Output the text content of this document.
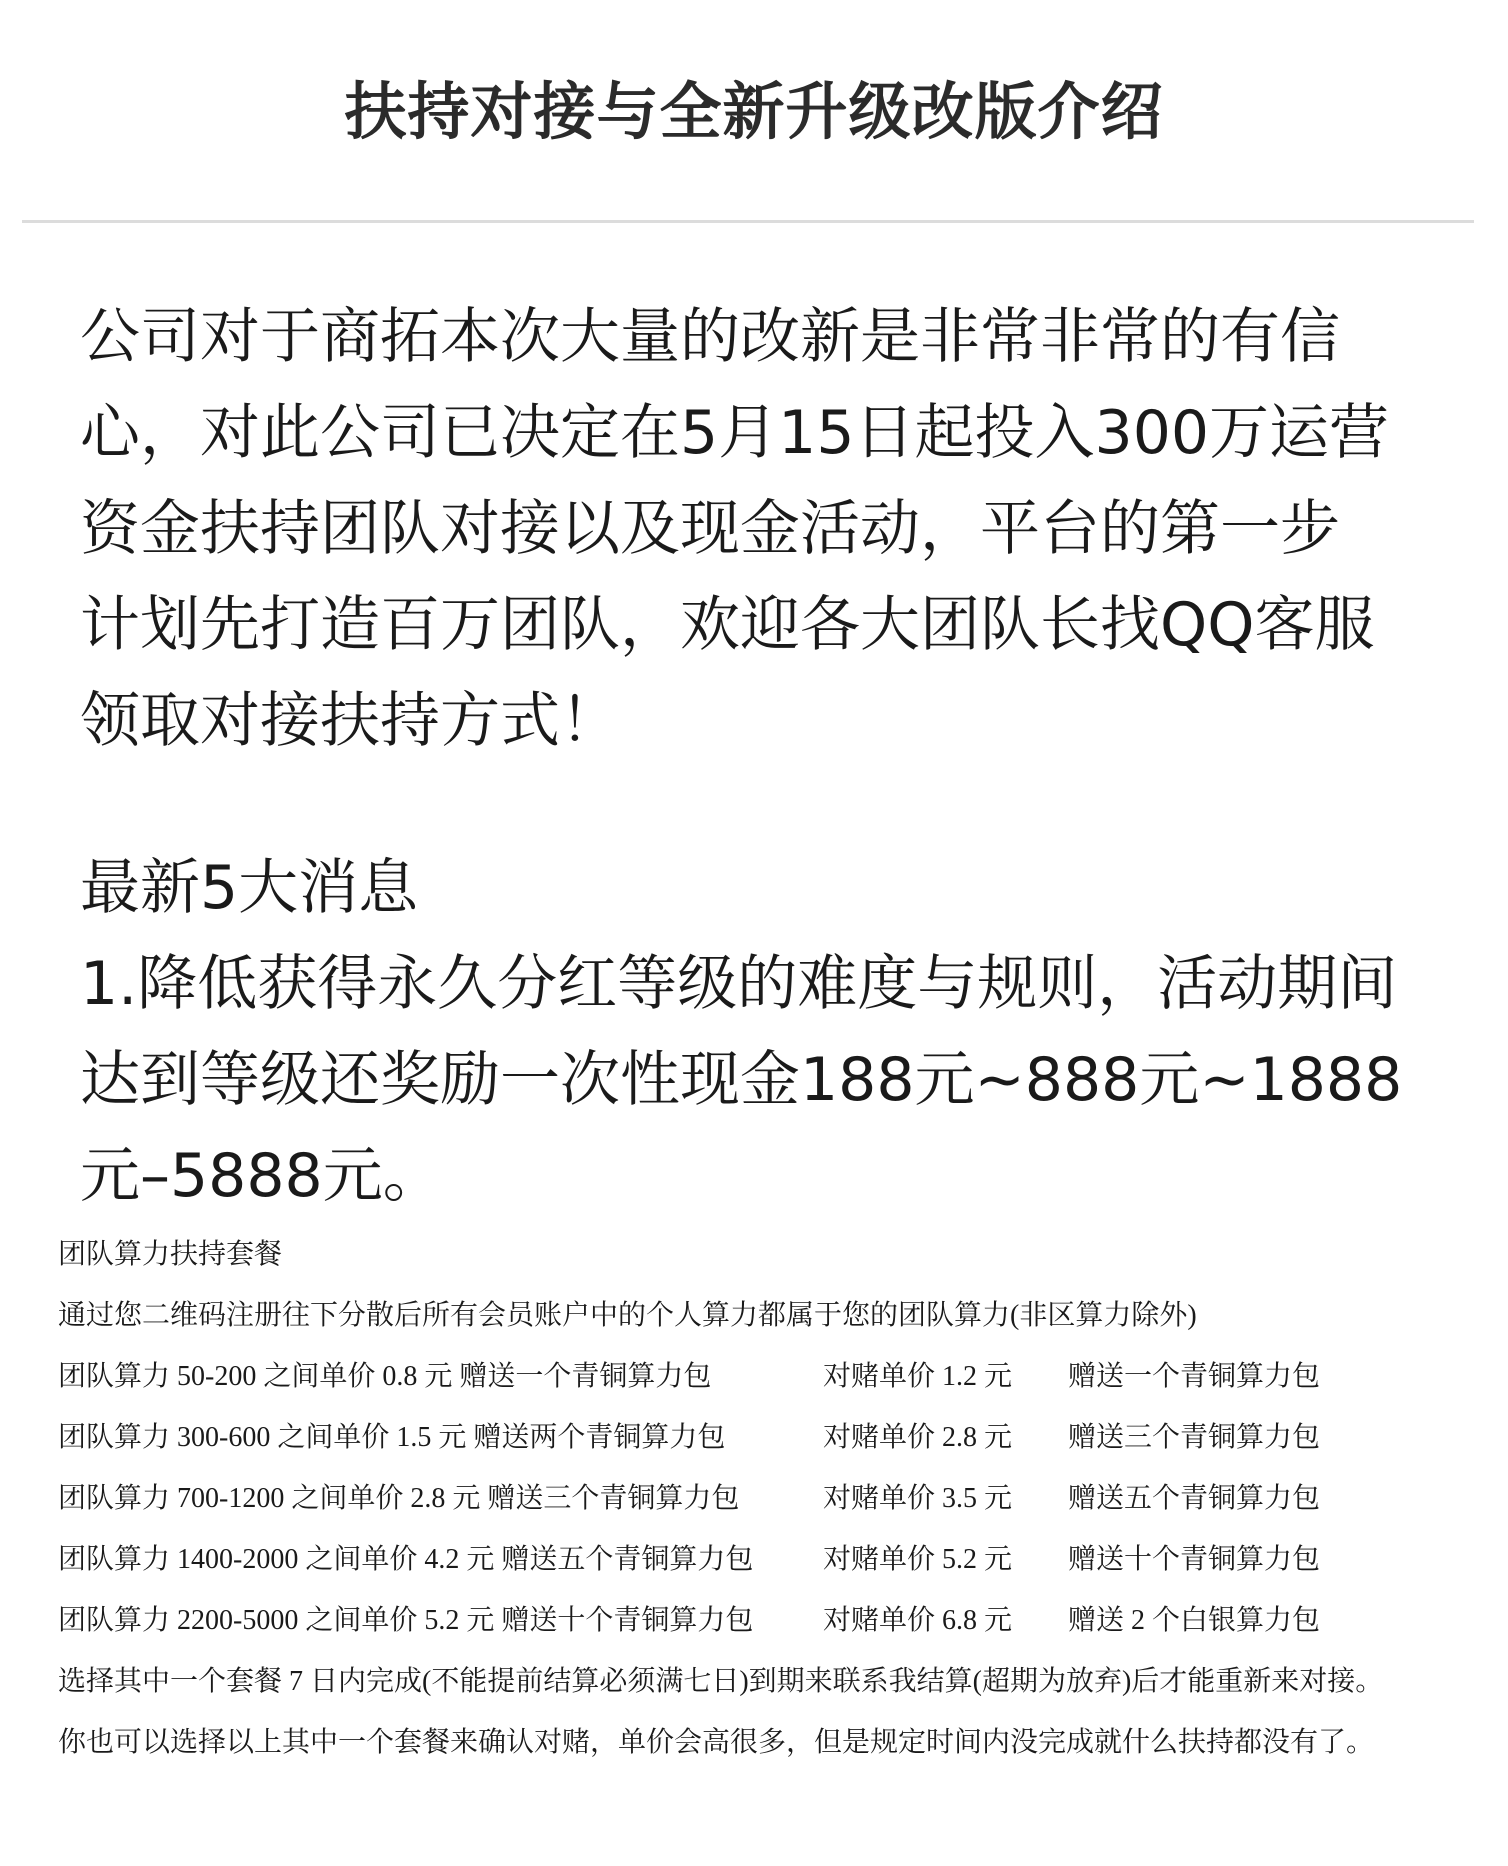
扶持对接与全新升级改版介绍
公司对于商拓本次大量的改新是非常非常的有信
心，对此公司已决定在5月15日起投入300万运营
资金扶持团队对接以及现金活动，平台的第一步
计划先打造百万团队，欢迎各大团队长找QQ客服
领取对接扶持方式！
最新5大消息
1.降低获得永久分红等级的难度与规则，活动期间
达到等级还奖励一次性现金188元~888元~1888
元–5888元。
团队算力扶持套餐
通过您二维码注册往下分散后所有会员账户中的个人算力都属于您的团队算力(非区算力除外)
团队算力 50-200 之间单价 0.8 元 赠送一个青铜算力包	对赌单价 1.2 元 赠送一个青铜算力包
团队算力 300-600 之间单价 1.5 元 赠送两个青铜算力包	对赌单价 2.8 元 赠送三个青铜算力包
团队算力 700-1200 之间单价 2.8 元 赠送三个青铜算力包	对赌单价 3.5 元 赠送五个青铜算力包
团队算力 1400-2000 之间单价 4.2 元 赠送五个青铜算力包 对赌单价 5.2 元 赠送十个青铜算力包
团队算力 2200-5000 之间单价 5.2 元 赠送十个青铜算力包 对赌单价 6.8 元 赠送 2 个白银算力包
选择其中一个套餐 7 日内完成(不能提前结算必须满七日)到期来联系我结算(超期为放弃)后才能重新来对接。
你也可以选择以上其中一个套餐来确认对赌，单价会高很多，但是规定时间内没完成就什么扶持都没有了。
